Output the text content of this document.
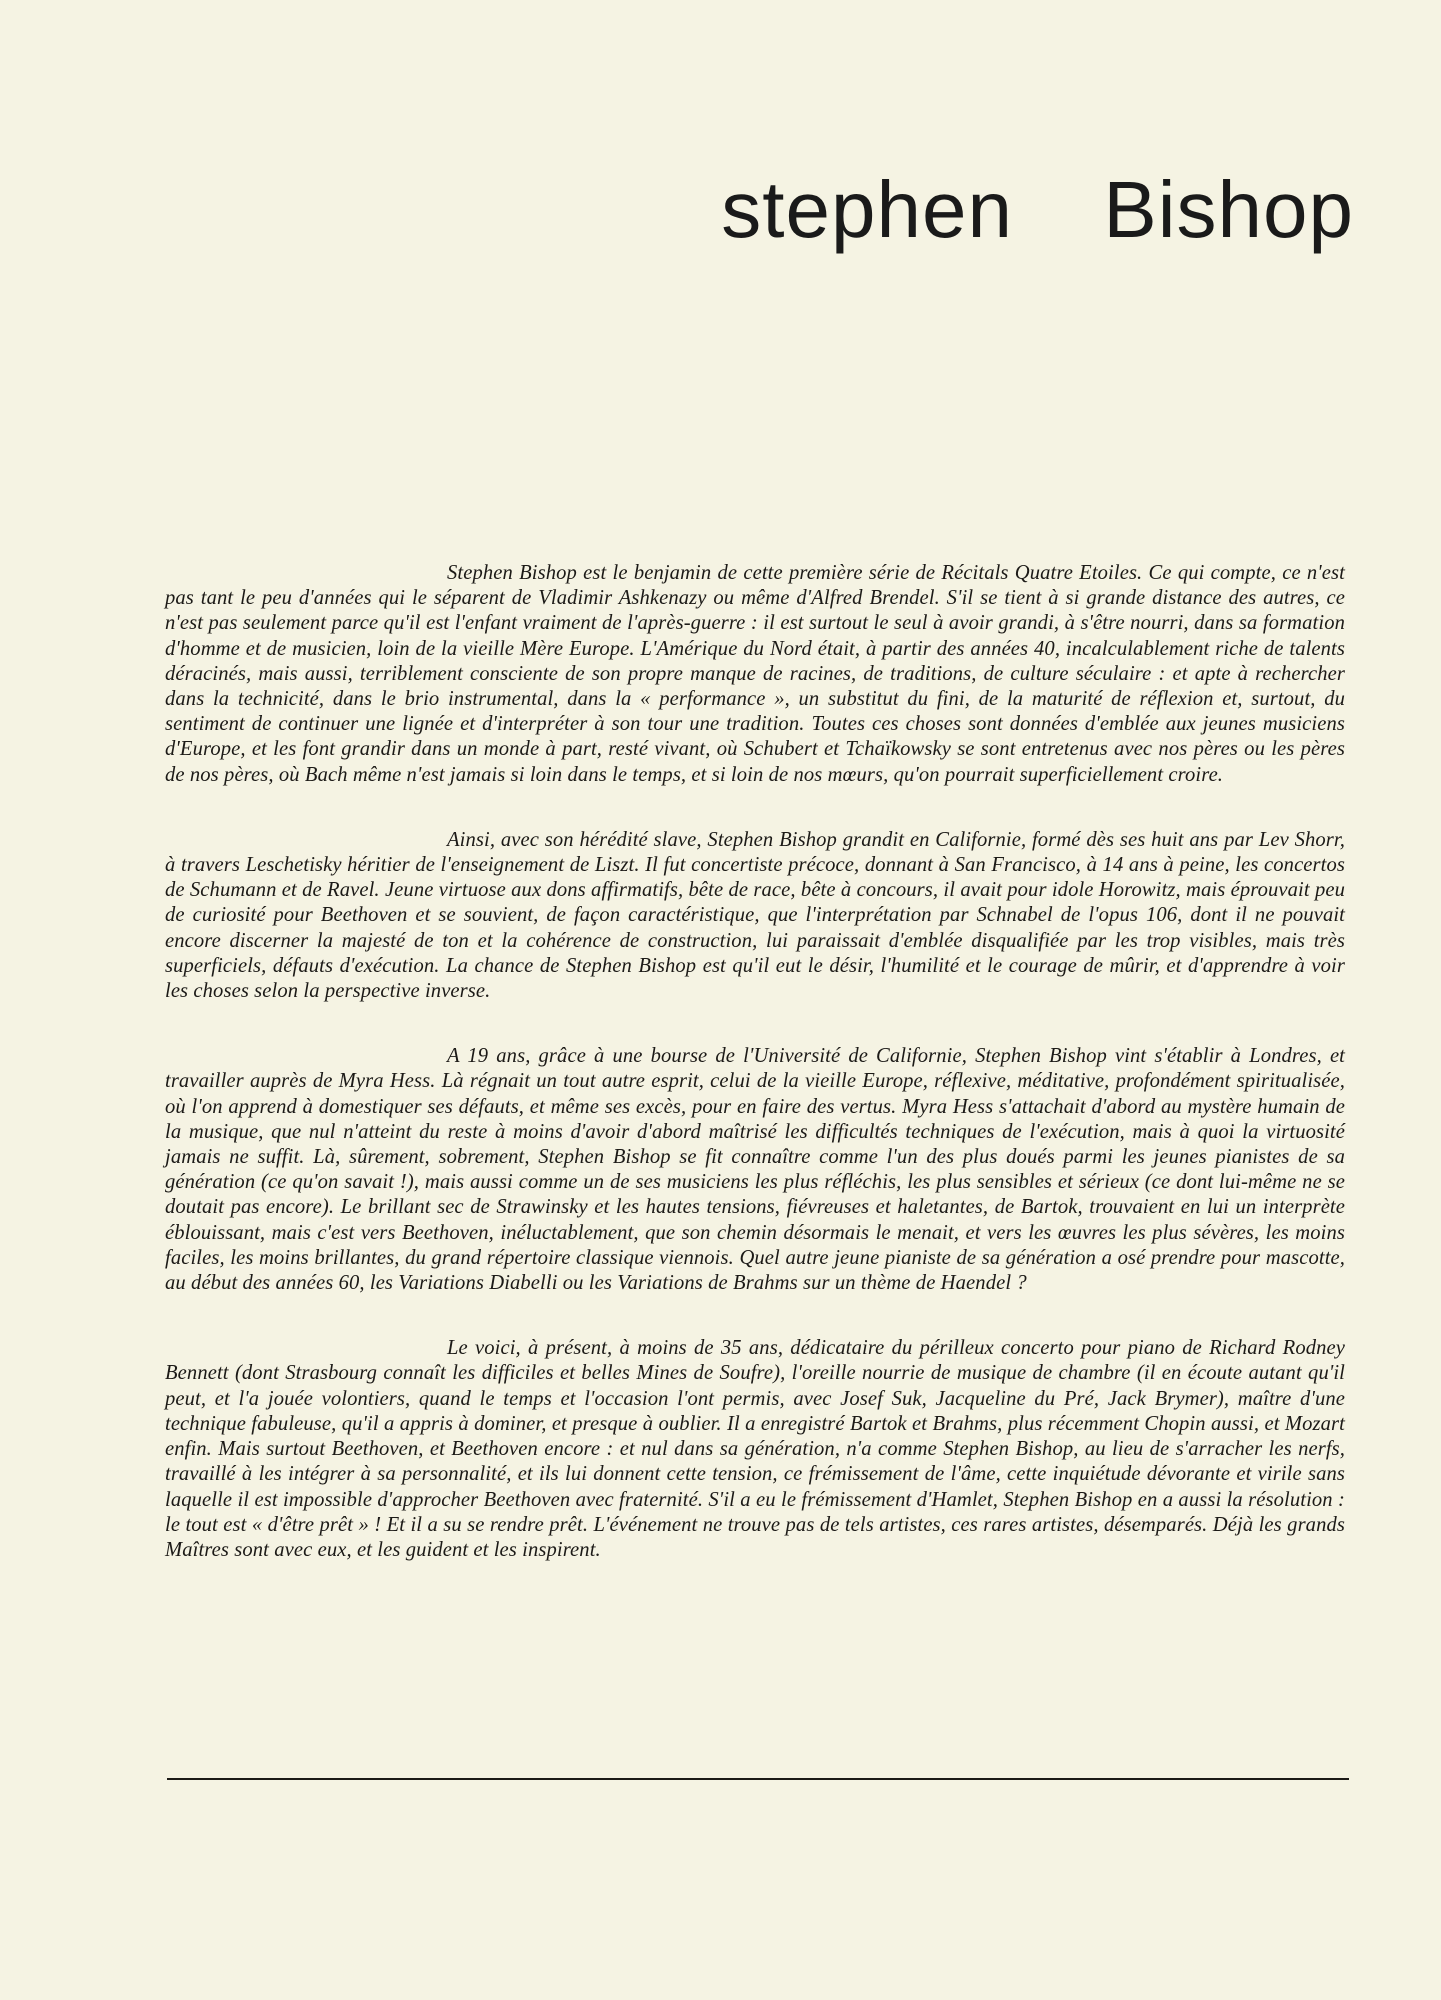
stephen  Bishop

Stephen Bishop est le benjamin de cette première série de Récitals Quatre Etoiles. Ce qui compte, ce n'est pas tant le peu d'années qui le séparent de Vladimir Ashkenazy ou même d'Alfred Brendel. S'il se tient à si grande distance des autres, ce n'est pas seulement parce qu'il est l'enfant vraiment de l'après-guerre : il est surtout le seul à avoir grandi, à s'être nourri, dans sa formation d'homme et de musicien, loin de la vieille Mère Europe. L'Amérique du Nord était, à partir des années 40, incalculablement riche de talents déracinés, mais aussi, terriblement consciente de son propre manque de racines, de traditions, de culture séculaire : et apte à rechercher dans la technicité, dans le brio instrumental, dans la « performance », un substitut du fini, de la maturité de réflexion et, surtout, du sentiment de continuer une lignée et d'interpréter à son tour une tradition. Toutes ces choses sont données d'emblée aux jeunes musiciens d'Europe, et les font grandir dans un monde à part, resté vivant, où Schubert et Tchaïkowsky se sont entretenus avec nos pères ou les pères de nos pères, où Bach même n'est jamais si loin dans le temps, et si loin de nos mœurs, qu'on pourrait superficiellement croire.

Ainsi, avec son hérédité slave, Stephen Bishop grandit en Californie, formé dès ses huit ans par Lev Shorr, à travers Leschetisky héritier de l'enseignement de Liszt. Il fut concertiste précoce, donnant à San Francisco, à 14 ans à peine, les concertos de Schumann et de Ravel. Jeune virtuose aux dons affirmatifs, bête de race, bête à concours, il avait pour idole Horowitz, mais éprouvait peu de curiosité pour Beethoven et se souvient, de façon caractéristique, que l'interprétation par Schnabel de l'opus 106, dont il ne pouvait encore discerner la majesté de ton et la cohérence de construction, lui paraissait d'emblée disqualifiée par les trop visibles, mais très superficiels, défauts d'exécution. La chance de Stephen Bishop est qu'il eut le désir, l'humilité et le courage de mûrir, et d'apprendre à voir les choses selon la perspective inverse.

A 19 ans, grâce à une bourse de l'Université de Californie, Stephen Bishop vint s'établir à Londres, et travailler auprès de Myra Hess. Là régnait un tout autre esprit, celui de la vieille Europe, réflexive, méditative, profondément spiritualisée, où l'on apprend à domestiquer ses défauts, et même ses excès, pour en faire des vertus. Myra Hess s'attachait d'abord au mystère humain de la musique, que nul n'atteint du reste à moins d'avoir d'abord maîtrisé les difficultés techniques de l'exécution, mais à quoi la virtuosité jamais ne suffit. Là, sûrement, sobrement, Stephen Bishop se fit connaître comme l'un des plus doués parmi les jeunes pianistes de sa génération (ce qu'on savait !), mais aussi comme un de ses musiciens les plus réfléchis, les plus sensibles et sérieux (ce dont lui-même ne se doutait pas encore). Le brillant sec de Strawinsky et les hautes tensions, fiévreuses et haletantes, de Bartok, trouvaient en lui un interprète éblouissant, mais c'est vers Beethoven, inéluctablement, que son chemin désormais le menait, et vers les œuvres les plus sévères, les moins faciles, les moins brillantes, du grand répertoire classique viennois. Quel autre jeune pianiste de sa génération a osé prendre pour mascotte, au début des années 60, les Variations Diabelli ou les Variations de Brahms sur un thème de Haendel ?

Le voici, à présent, à moins de 35 ans, dédicataire du périlleux concerto pour piano de Richard Rodney Bennett (dont Strasbourg connaît les difficiles et belles Mines de Soufre), l'oreille nourrie de musique de chambre (il en écoute autant qu'il peut, et l'a jouée volontiers, quand le temps et l'occasion l'ont permis, avec Josef Suk, Jacqueline du Pré, Jack Brymer), maître d'une technique fabuleuse, qu'il a appris à dominer, et presque à oublier. Il a enregistré Bartok et Brahms, plus récemment Chopin aussi, et Mozart enfin. Mais surtout Beethoven, et Beethoven encore : et nul dans sa génération, n'a comme Stephen Bishop, au lieu de s'arracher les nerfs, travaillé à les intégrer à sa personnalité, et ils lui donnent cette tension, ce frémissement de l'âme, cette inquiétude dévorante et virile sans laquelle il est impossible d'approcher Beethoven avec fraternité. S'il a eu le frémissement d'Hamlet, Stephen Bishop en a aussi la résolution : le tout est « d'être prêt » ! Et il a su se rendre prêt. L'événement ne trouve pas de tels artistes, ces rares artistes, désemparés. Déjà les grands Maîtres sont avec eux, et les guident et les inspirent.
